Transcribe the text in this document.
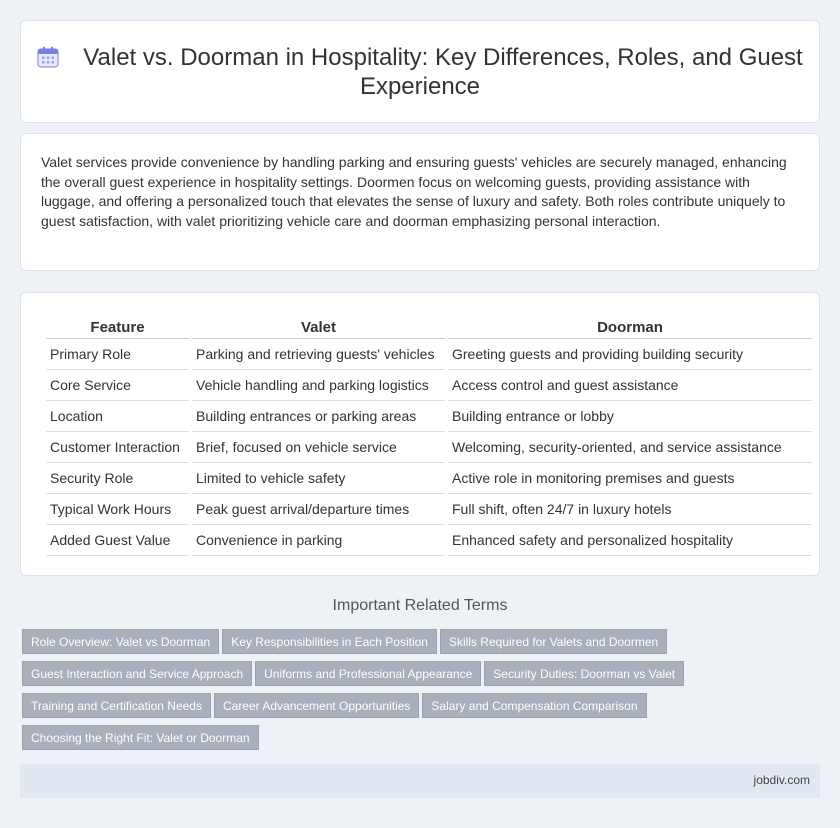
Valet vs. Doorman in Hospitality: Key Differences, Roles, and Guest Experience

Valet services provide convenience by handling parking and ensuring guests' vehicles are securely managed, enhancing the overall guest experience in hospitality settings. Doormen focus on welcoming guests, providing assistance with luggage, and offering a personalized touch that elevates the sense of luxury and safety. Both roles contribute uniquely to guest satisfaction, with valet prioritizing vehicle care and doorman emphasizing personal interaction.

Feature	Valet	Doorman
Primary Role	Parking and retrieving guests' vehicles	Greeting guests and providing building security
Core Service	Vehicle handling and parking logistics	Access control and guest assistance
Location	Building entrances or parking areas	Building entrance or lobby
Customer Interaction	Brief, focused on vehicle service	Welcoming, security-oriented, and service assistance
Security Role	Limited to vehicle safety	Active role in monitoring premises and guests
Typical Work Hours	Peak guest arrival/departure times	Full shift, often 24/7 in luxury hotels
Added Guest Value	Convenience in parking	Enhanced safety and personalized hospitality
Important Related Terms
Role Overview: Valet vs Doorman Key Responsibilities in Each Position Skills Required for Valets and Doormen
Guest Interaction and Service Approach Uniforms and Professional Appearance Security Duties: Doorman vs Valet
Training and Certification Needs Career Advancement Opportunities Salary and Compensation Comparison
Choosing the Right Fit: Valet or Doorman
jobdiv.com
